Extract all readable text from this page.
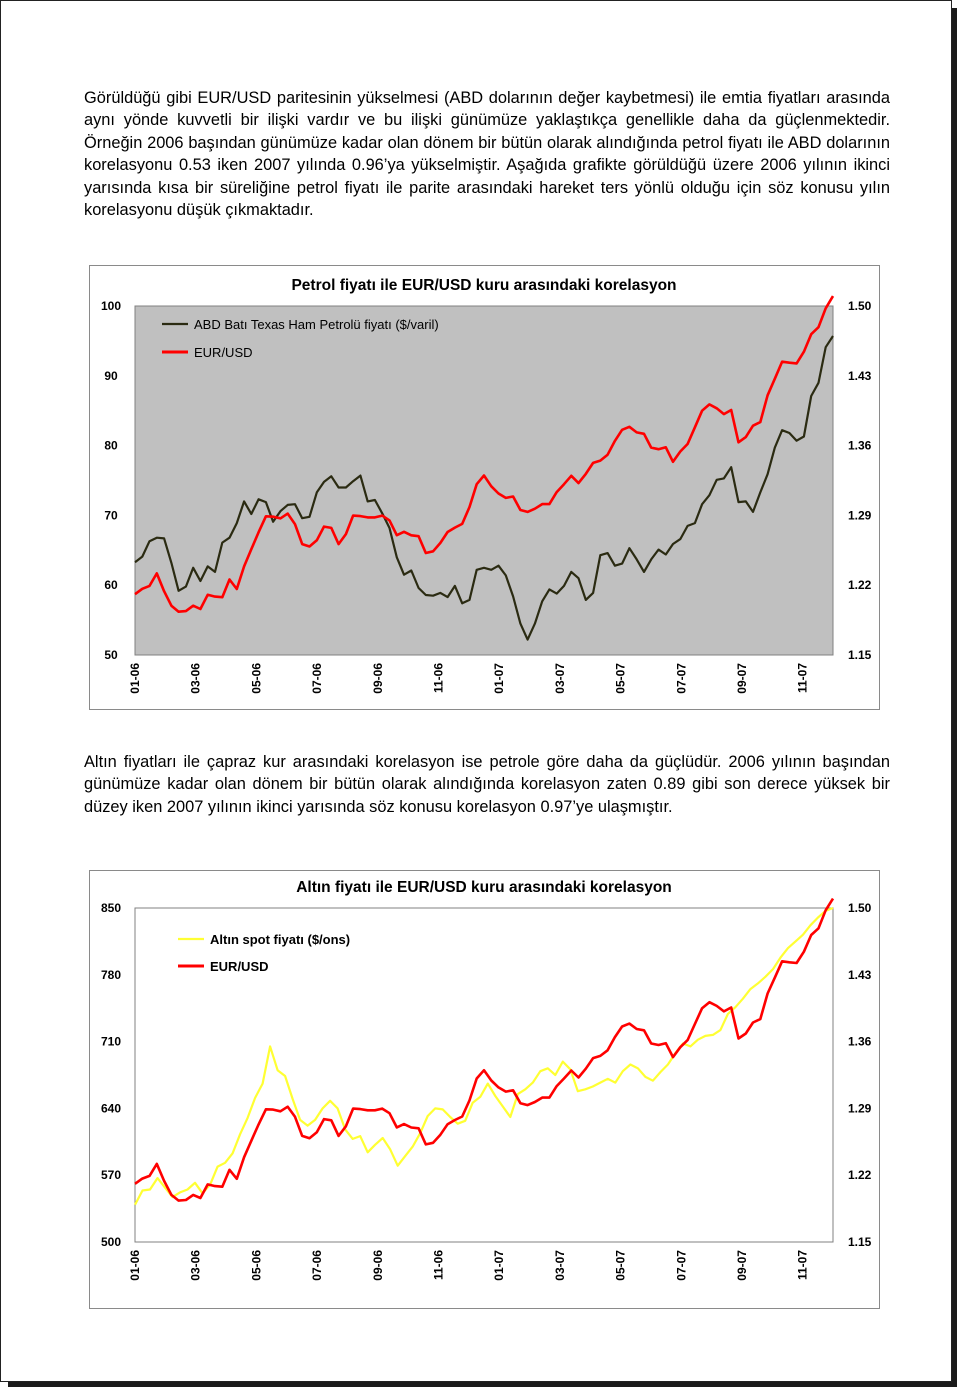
Görüldüğü gibi EUR/USD paritesinin yükselmesi (ABD dolarının değer kaybetmesi) ile emtia fiyatları arasında aynı yönde kuvvetli bir ilişki vardır ve bu ilişki günümüze yaklaştıkça genellikle daha da güçlenmektedir. Örneğin 2006 başından günümüze kadar olan dönem bir bütün olarak alındığında petrol fiyatı ile ABD dolarının korelasyonu 0.53 iken 2007 yılında 0.96’ya yükselmiştir. Aşağıda grafikte görüldüğü üzere 2006 yılının ikinci yarısında kısa bir süreliğine petrol fiyatı ile parite arasındaki hareket ters yönlü olduğu için söz konusu yılın korelasyonu düşük çıkmaktadır.

Petrol fiyatı ile EUR/USD kuru arasındaki korelasyon
100
90
80
70
60
50
1.50
1.43
1.36
1.29
1.22
1.15
01-06	03-06	05-06	07-06	09-06	11-06	01-07	03-07	05-07	07-07	09-07	11-07
ABD Batı Texas Ham Petrolü fiyatı ($/varil)
EUR/USD

Altın fiyatları ile çapraz kur arasındaki korelasyon ise petrole göre daha da güçlüdür. 2006 yılının başından günümüze kadar olan dönem bir bütün olarak alındığında korelasyon zaten 0.89 gibi son derece yüksek bir düzey iken 2007 yılının ikinci yarısında söz konusu korelasyon 0.97’ye ulaşmıştır.

Altın fiyatı ile EUR/USD kuru arasındaki korelasyon
850
780
710
640
570
500
1.50
1.43
1.36
1.29
1.22
1.15
01-06	03-06	05-06	07-06	09-06	11-06	01-07	03-07	05-07	07-07	09-07	11-07
Altın spot fiyatı ($/ons)
EUR/USD
